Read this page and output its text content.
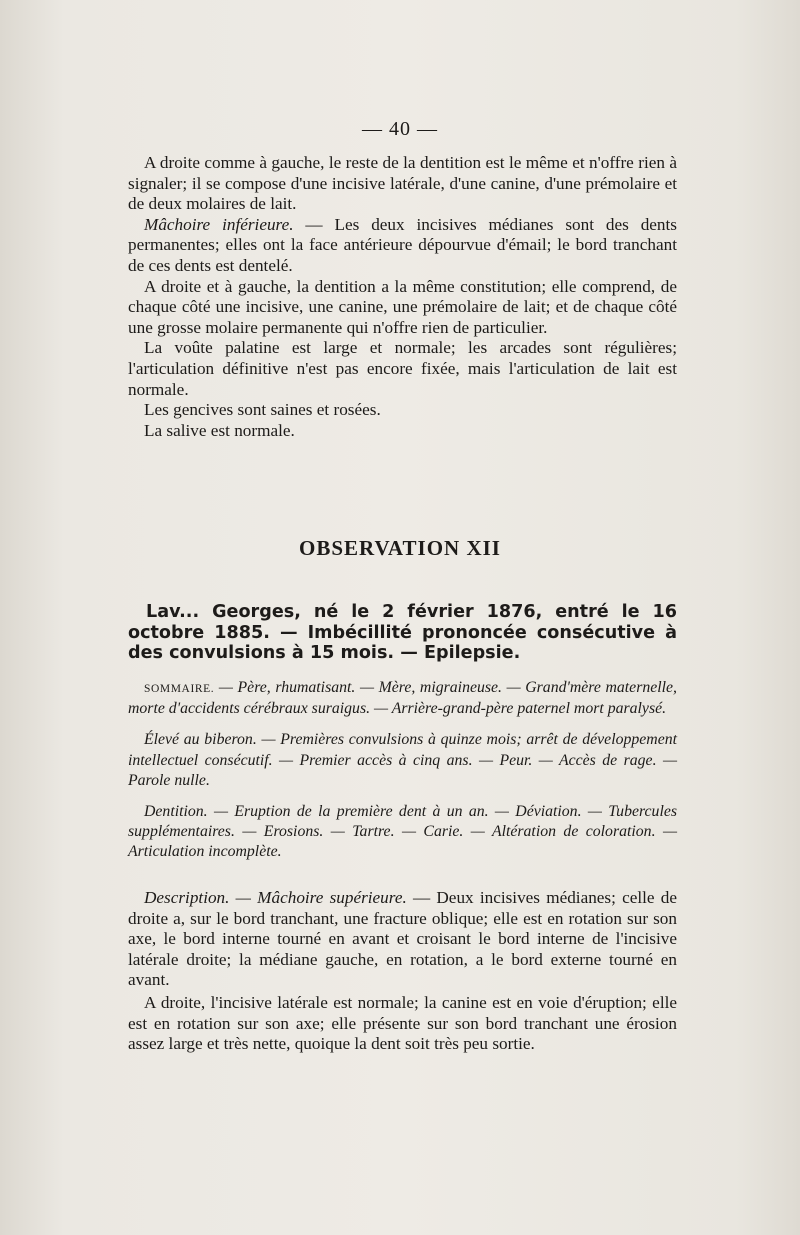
— 40 —

A droite comme à gauche, le reste de la dentition est le même et n'offre rien à signaler; il se compose d'une incisive latérale, d'une canine, d'une prémolaire et de deux molaires de lait.

Mâchoire inférieure. — Les deux incisives médianes sont des dents permanentes; elles ont la face antérieure dépourvue d'émail; le bord tranchant de ces dents est dentelé.

A droite et à gauche, la dentition a la même constitution; elle comprend, de chaque côté une incisive, une canine, une prémolaire de lait; et de chaque côté une grosse molaire permanente qui n'offre rien de particulier.

La voûte palatine est large et normale; les arcades sont régulières; l'articulation définitive n'est pas encore fixée, mais l'articulation de lait est normale.

Les gencives sont saines et rosées.

La salive est normale.

OBSERVATION XII

Lav... Georges, né le 2 février 1876, entré le 16 octobre 1885. — Imbécillité prononcée consécutive à des convulsions à 15 mois. — Epilepsie.

SOMMAIRE. — Père, rhumatisant. — Mère, migraineuse. — Grand'mère maternelle, morte d'accidents cérébraux suraigus. — Arrière-grand-père paternel mort paralysé.

Élevé au biberon. — Premières convulsions à quinze mois; arrêt de développement intellectuel consécutif. — Premier accès à cinq ans. — Peur. — Accès de rage. — Parole nulle.

Dentition. — Eruption de la première dent à un an. — Déviation. — Tubercules supplémentaires. — Erosions. — Tartre. — Carie. — Altération de coloration. — Articulation incomplète.

Description. — Mâchoire supérieure. — Deux incisives médianes; celle de droite a, sur le bord tranchant, une fracture oblique; elle est en rotation sur son axe, le bord interne tourné en avant et croisant le bord interne de l'incisive latérale droite; la médiane gauche, en rotation, a le bord externe tourné en avant.

A droite, l'incisive latérale est normale; la canine est en voie d'éruption; elle est en rotation sur son axe; elle présente sur son bord tranchant une érosion assez large et très nette, quoique la dent soit très peu sortie.
